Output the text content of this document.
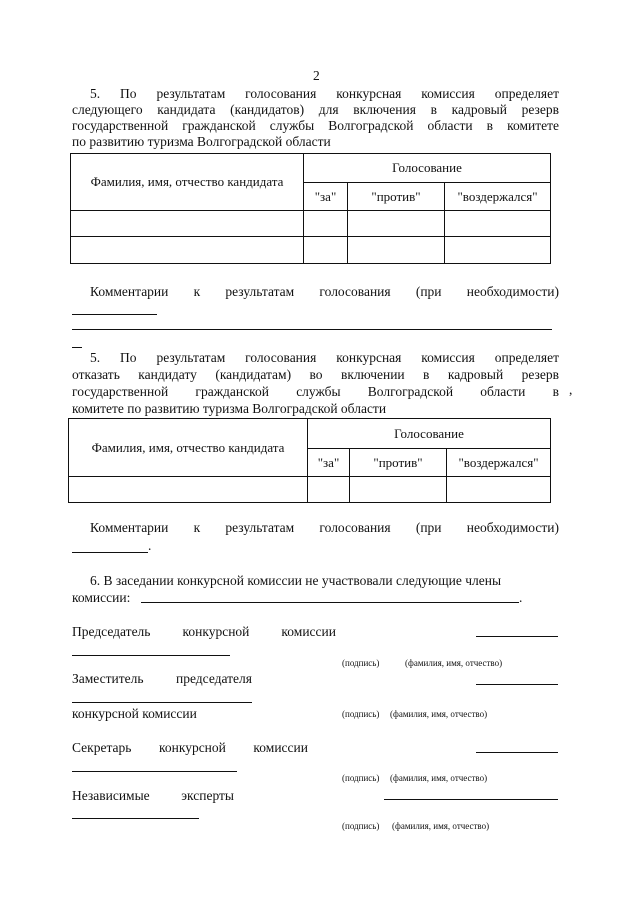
2
5. По результатам голосования конкурсная комиссия определяет
следующего кандидата (кандидатов) для включения в кадровый резерв
государственной гражданской службы Волгоградской области в комитете
по развитию туризма Волгоградской области
Фамилия, имя, отчество кандидата	Голосование		
	"за"	"против"	"воздержался"

Комментарии к результатам голосования (при необходимости)
5. По результатам голосования конкурсная комиссия определяет
отказать кандидату (кандидатам) во включении в кадровый резерв
государственной гражданской службы Волгоградской области в
комитете по развитию туризма Волгоградской области
,
Фамилия, имя, отчество кандидата	Голосование		
	"за"	"против"	"воздержался"

Комментарии к результатам голосования (при необходимости)
.
6. В заседании конкурсной комиссии не участвовали следующие члены
комиссии:	.
Председатель конкурсной комиссии
(подпись)	(фамилия, имя, отчество)
Заместитель председателя
конкурсной комиссии	(подпись) (фамилия, имя, отчество)
Секретарь конкурсной комиссии
(подпись) (фамилия, имя, отчество)
Независимые эксперты
(подпись) (фамилия, имя, отчество)
